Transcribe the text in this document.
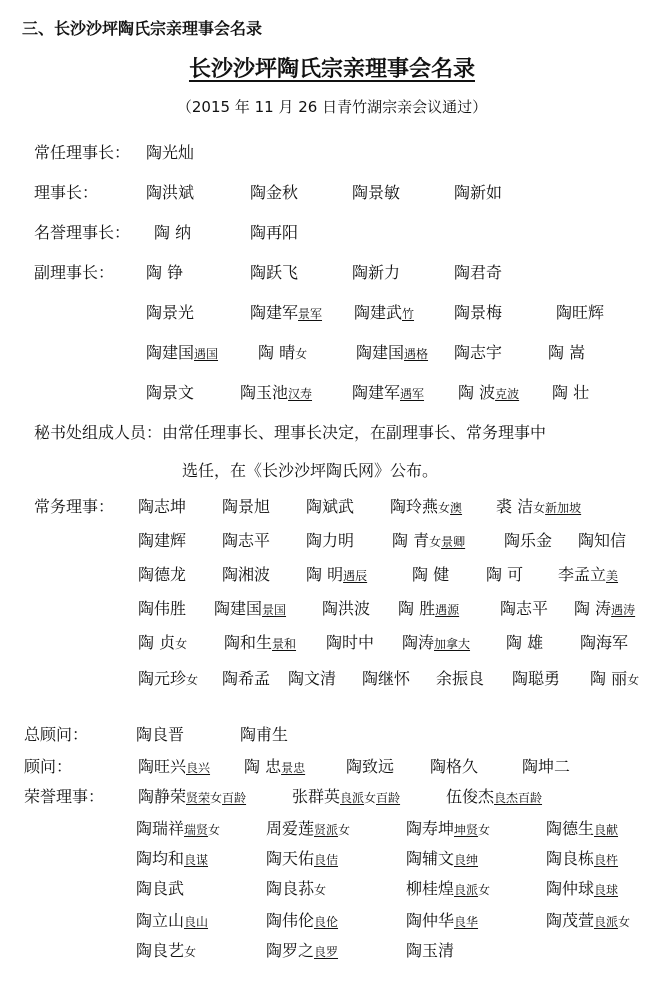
三、长沙沙坪陶氏宗亲理事会名录
长沙沙坪陶氏宗亲理事会名录
（2015 年 11 月 26 日青竹湖宗亲会议通过）
常任理事长： 陶光灿
理事长：	陶洪斌	陶金秋	陶景敏	陶新如
名誉理事长： 陶 纳	陶再阳
副理事长： 陶 铮	陶跃飞	陶新力	陶君奇
陶景光	陶建军景军 陶建武竹 陶景梅	陶旺辉
陶建国遇国 陶 晴女	陶建国遇格 陶志宇	陶 嵩
陶景文	陶玉池汉寿 陶建军遇军 陶 波克波 陶 壮
秘书处组成人员：由常任理事长、理事长决定，在副理事长、常务理事中
选任，在《长沙沙坪陶氏网》公布。
常务理事： 陶志坤 陶景旭 陶斌武 陶玲燕女澳 裘 洁女新加坡
陶建辉 陶志平 陶力明 陶 青女景卿 陶乐金 陶知信
陶德龙 陶湘波 陶 明遇辰	陶 健 陶 可 李孟立美
陶伟胜 陶建国景国 陶洪波 陶 胜遇源	陶志平 陶 涛遇涛
陶 贞女 陶和生景和 陶时中 陶涛加拿大 陶 雄 陶海军
陶元珍女 陶希孟 陶文清 陶继怀 余振良 陶聪勇 陶 丽女
总顾问：	陶良晋	陶甫生
顾问：	陶旺兴良兴 陶 忠景忠	陶致远 陶格久	陶坤二
荣誉理事： 陶静荣贤荣女百龄	张群英良派女百龄	伍俊杰良杰百龄
陶瑞祥瑞贤女	周爱莲贤派女	陶寿坤坤贤女	陶德生良献
陶均和良谋	陶天佑良佶	陶辅文良绅	陶良栋良杵
陶良武	陶良荪女	柳桂煌良派女	陶仲球良球
陶立山良山	陶伟伦良伦	陶仲华良华	陶茂萱良派女
陶良艺女	陶罗之良罗	陶玉清
